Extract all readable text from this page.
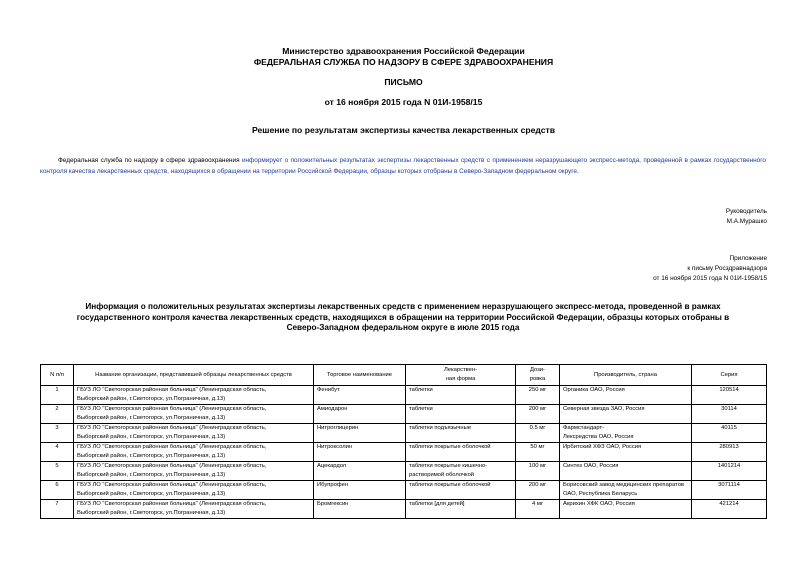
Министерство здравоохранения Российской Федерации
ФЕДЕРАЛЬНАЯ СЛУЖБА ПО НАДЗОРУ В СФЕРЕ ЗДРАВООХРАНЕНИЯ
ПИСЬМО
от 16 ноября 2015 года N 01И-1958/15
Решение по результатам экспертизы качества лекарственных средств
Федеральная служба по надзору в сфере здравоохранения информирует о положительных результатах экспертизы лекарственных средств с применением неразрушающего экспресс-метода, проведенной в рамках государственного контроля качества лекарственных средств, находящихся в обращении на территории Российской Федерации, образцы которых отобраны в Северо-Западном федеральном округе.
Руководитель
М.А.Мурашко
Приложение
к письму Росздравнадзора
от 16 ноября 2015 года N 01И-1958/15
Информация о положительных результатах экспертизы лекарственных средств с применением неразрушающего экспресс-метода, проведенной в рамках
государственного контроля качества лекарственных средств, находящихся в обращении на территории Российской Федерации, образцы которых отобраны в
Северо-Западном федеральном округе в июле 2015 года
N п/п	Название организации, представившей образцы лекарственных средств	Торговое наименование	Лекарствен-
ная форма	Дози-
ровка	Производитель, страна	Серия
1	ГБУЗ ЛО "Светогорская районная больница" (Ленинградская область,
Выборгский район, г.Светогорск, ул.Пограничная, д.13)	Фенибут	таблетки	250 мг	Органика ОАО, Россия	120514
2	ГБУЗ ЛО "Светогорская районная больница" (Ленинградская область,
Выборгский район, г.Светогорск, ул.Пограничная, д.13)	Амиодарон	таблетки	200 мг	Северная звезда ЗАО, Россия	30114
3	ГБУЗ ЛО "Светогорская районная больница" (Ленинградская область,
Выборгский район, г.Светогорск, ул.Пограничная, д.13)	Нитроглицерин	таблетки подъязычные	0.5 мг	Фармстандарт-
Лексредства ОАО, Россия	40115
4	ГБУЗ ЛО "Светогорская районная больница" (Ленинградская область,
Выборгский район, г.Светогорск, ул.Пограничная, д.13)	Нитроксолин	таблетки покрытые оболочкой	50 мг	Ирбитский ХФЗ ОАО, Россия	280913
5	ГБУЗ ЛО "Светогорская районная больница" (Ленинградская область,
Выборгский район, г.Светогорск, ул.Пограничная, д.13)	Ацекардол	таблетки покрытые кишечно-
растворимой оболочкой	100 мг	Синтез ОАО, Россия	1401214
6	ГБУЗ ЛО "Светогорская районная больница" (Ленинградская область,
Выборгский район, г.Светогорск, ул.Пограничная, д.13)	Ибупрофен	таблетки покрытые оболочкой	200 мг	Борисовский завод медицинских препаратов
ОАО, Республика Беларусь	3071114
7	ГБУЗ ЛО "Светогорская районная больница" (Ленинградская область,
Выборгский район, г.Светогорск, ул.Пограничная, д.13)	Бромгексин	таблетки [для детей]	4 мг	Акрихин ХФК ОАО, Россия	421214
